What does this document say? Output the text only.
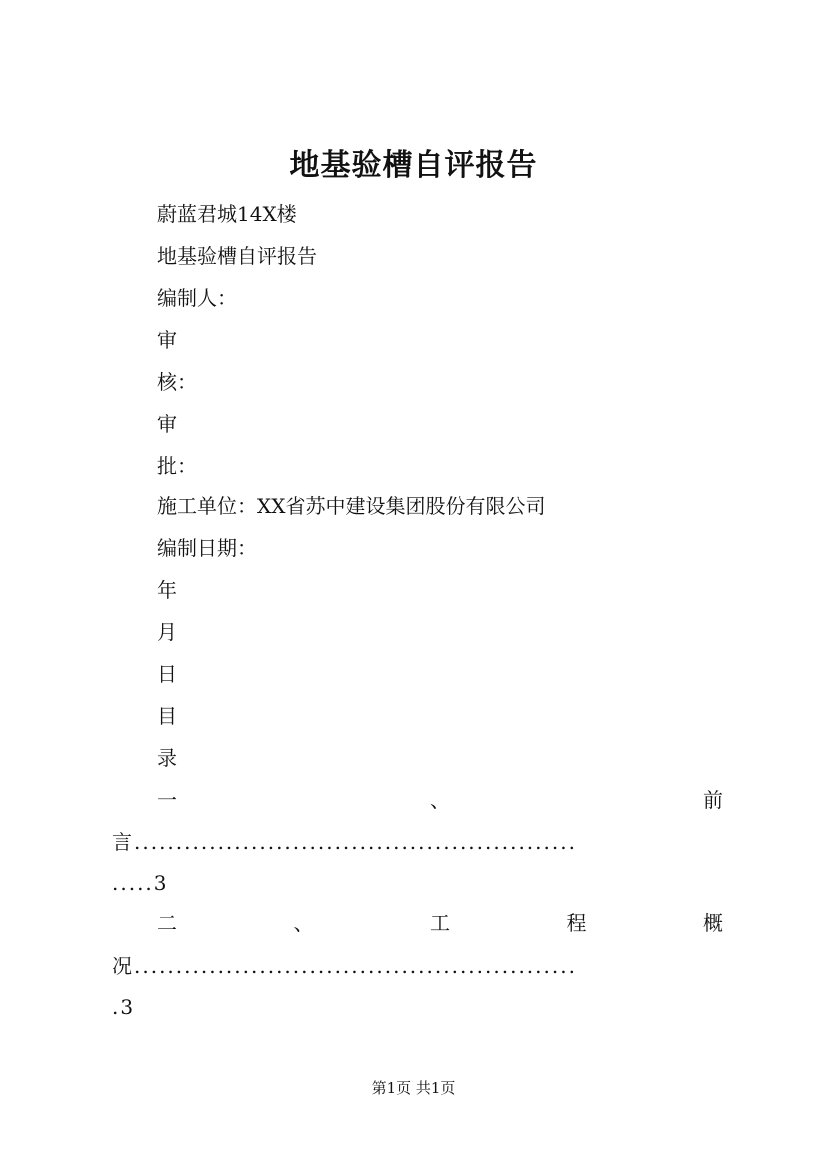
地基验槽自评报告
蔚蓝君城14X楼
地基验槽自评报告
编制人：
审
核：
审
批：
施工单位：XX省苏中建设集团股份有限公司
编制日期：
年
月
日
目
录
一	、	前
言.....................................................
.....3
二	、	工	程	概
况.....................................................
.3
第1页 共1页
